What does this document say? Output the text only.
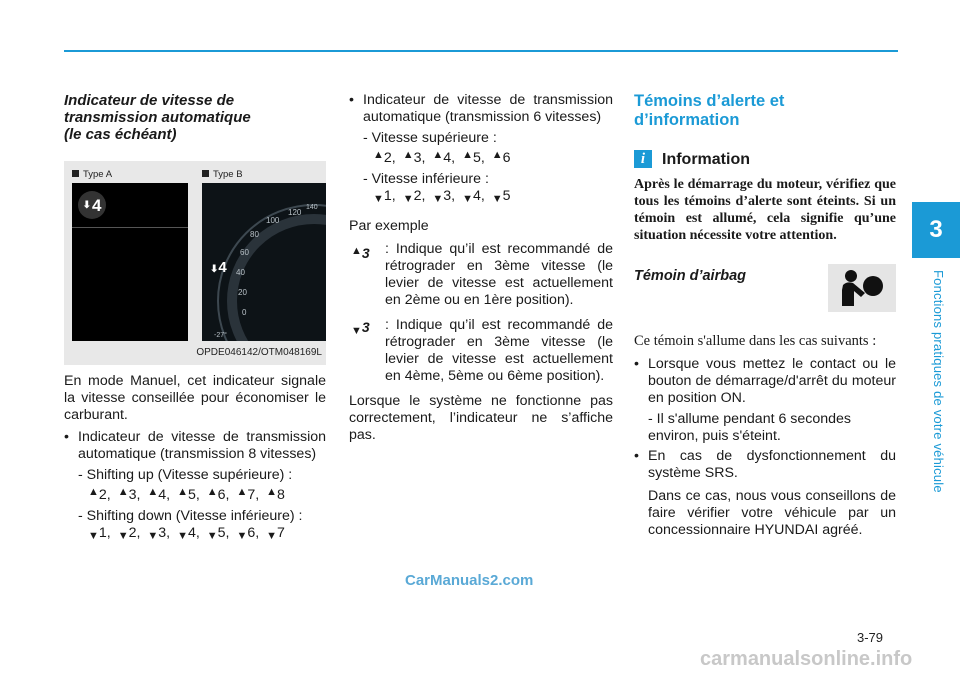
3
Fonctions pratiques de votre véhicule
Indicateur de vitesse de
transmission automatique
(le cas échéant)
Type A	Type B
⬇ 4	120
100
80
60
40
20
0
140
-27°
⬇4
OPDE046142/OTM048169L

En mode Manuel, cet indicateur signale la vitesse conseillée pour économiser le carburant.

• Indicateur de vitesse de transmission automatique (transmission 8 vitesses)
- Shifting up (Vitesse supérieure) :
▲2, ▲3, ▲4, ▲5, ▲6, ▲7, ▲8
- Shifting down (Vitesse inférieure) :
▼1, ▼2, ▼3, ▼4, ▼5, ▼6, ▼7
• Indicateur de vitesse de transmission automatique (transmission 6 vitesses)
- Vitesse supérieure :
▲2, ▲3, ▲4, ▲5, ▲6
- Vitesse inférieure :
▼1, ▼2, ▼3, ▼4, ▼5

Par exemple

▲3 : Indique qu’il est recommandé de rétrograder en 3ème vitesse (le levier de vitesse est actuellement en 2ème ou en 1ère position).
▼3 : Indique qu’il est recommandé de rétrograder en 3ème vitesse (le levier de vitesse est actuellement en 4ème, 5ème ou 6ème position).

Lorsque le système ne fonctionne pas correctement, l’indicateur ne s’affiche pas.

Témoins d’alerte et
d’information
i	Information
Après le démarrage du moteur, vérifiez que tous les témoins d’alerte sont éteints. Si un témoin est allumé, cela signifie qu’une situation nécessite votre attention.
Témoin d’airbag
Ce témoin s'allume dans les cas suivants :
• Lorsque vous mettez le contact ou le bouton de démarrage/d'arrêt du moteur en position ON.
- Il s'allume pendant 6 secondes environ, puis s'éteint.
• En cas de dysfonctionnement du système SRS.

Dans ce cas, nous vous conseillons de faire vérifier votre véhicule par un concessionnaire HYUNDAI agréé.

CarManuals2.com
3-79
carmanualsonline.info
